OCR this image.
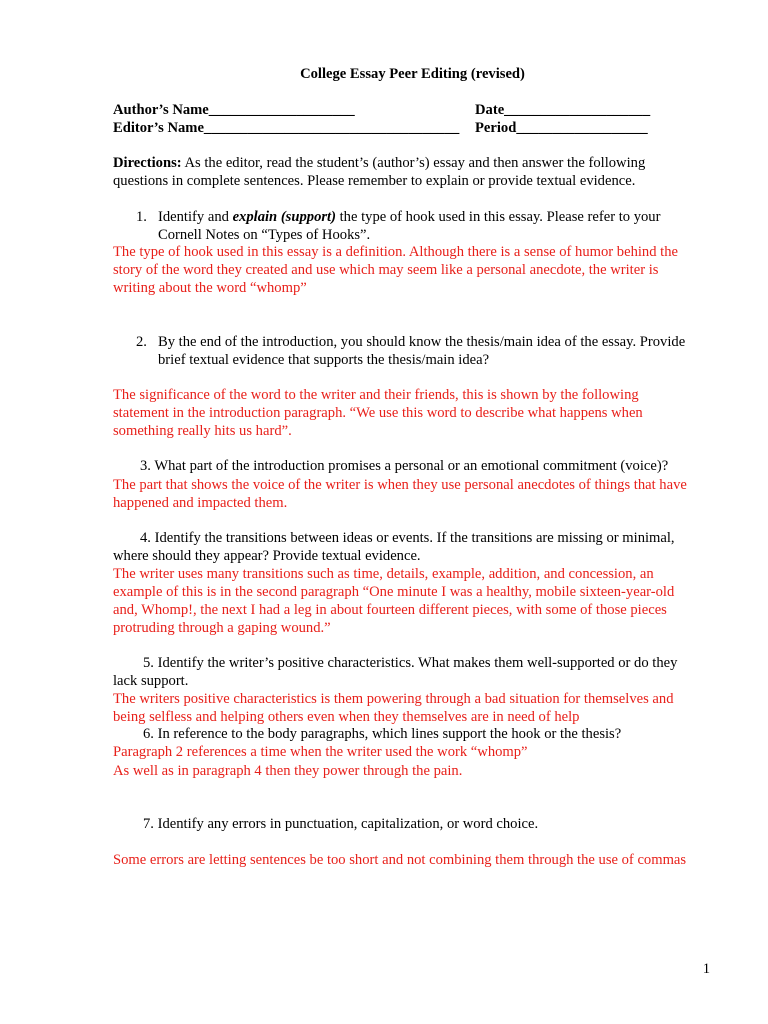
College Essay Peer Editing (revised)
Author’s Name____________________	Date____________________
Editor’s Name___________________________________ Period__________________
Directions: As the editor, read the student’s (author’s) essay and then answer the following
questions in complete sentences. Please remember to explain or provide textual evidence.
1. Identify and explain (support) the type of hook used in this essay. Please refer to your
Cornell Notes on “Types of Hooks”.
The type of hook used in this essay is a definition. Although there is a sense of humor behind the
story of the word they created and use which may seem like a personal anecdote, the writer is
writing about the word “whomp”
2. By the end of the introduction, you should know the thesis/main idea of the essay. Provide
brief textual evidence that supports the thesis/main idea?
The significance of the word to the writer and their friends, this is shown by the following
statement in the introduction paragraph. “We use this word to describe what happens when
something really hits us hard”.
3. What part of the introduction promises a personal or an emotional commitment (voice)?
The part that shows the voice of the writer is when they use personal anecdotes of things that have
happened and impacted them.
4. Identify the transitions between ideas or events. If the transitions are missing or minimal,
where should they appear? Provide textual evidence.
The writer uses many transitions such as time, details, example, addition, and concession, an
example of this is in the second paragraph “One minute I was a healthy, mobile sixteen-year-old
and, Whomp!, the next I had a leg in about fourteen different pieces, with some of those pieces
protruding through a gaping wound.”
5. Identify the writer’s positive characteristics. What makes them well-supported or do they
lack support.
The writers positive characteristics is them powering through a bad situation for themselves and
being selfless and helping others even when they themselves are in need of help
6. In reference to the body paragraphs, which lines support the hook or the thesis?
Paragraph 2 references a time when the writer used the work “whomp”
As well as in paragraph 4 then they power through the pain.
7. Identify any errors in punctuation, capitalization, or word choice.
Some errors are letting sentences be too short and not combining them through the use of commas
1
